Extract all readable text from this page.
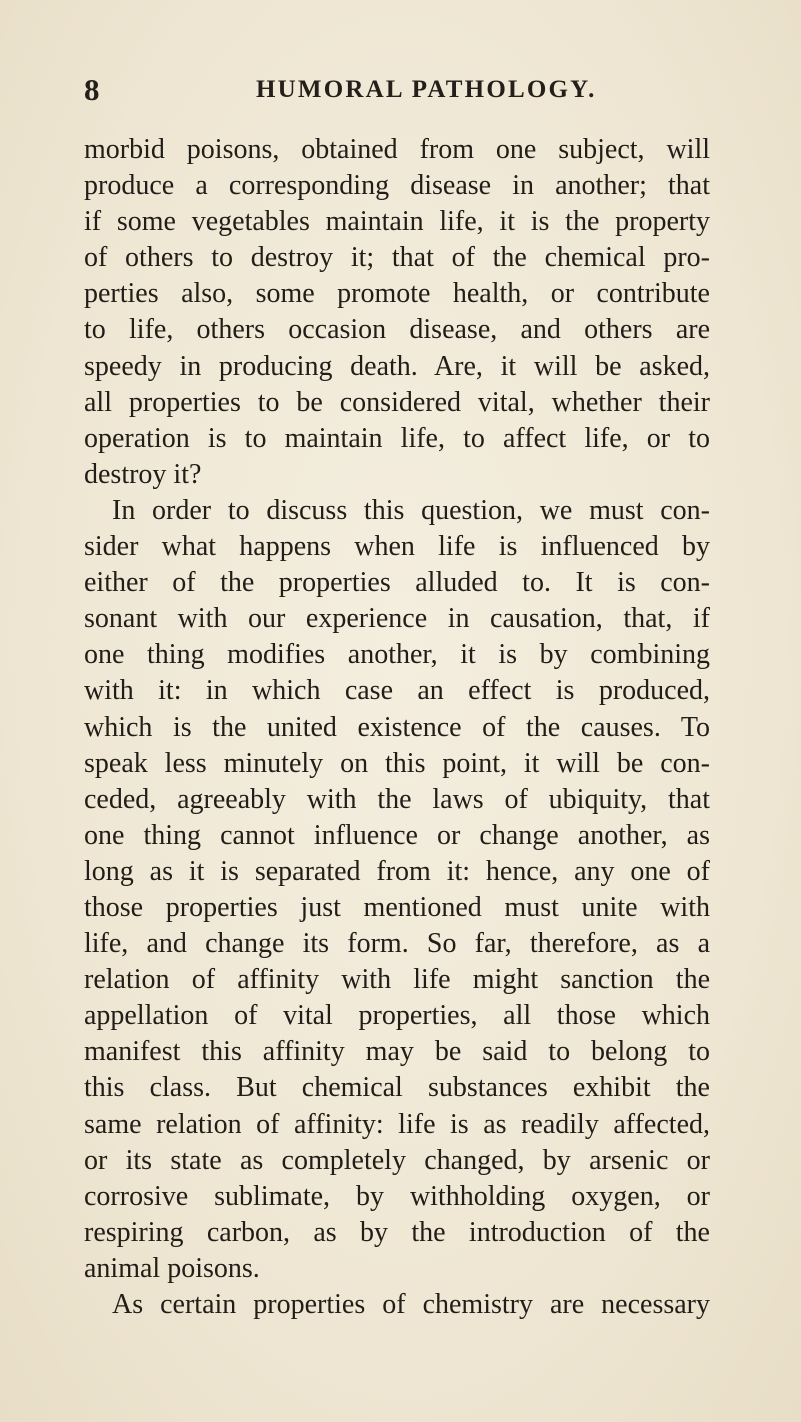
8	HUMORAL PATHOLOGY.
morbid poisons, obtained from one subject, will
produce a corresponding disease in another; that
if some vegetables maintain life, it is the property
of others to destroy it; that of the chemical pro-
perties also, some promote health, or contribute
to life, others occasion disease, and others are
speedy in producing death. Are, it will be asked,
all properties to be considered vital, whether their
operation is to maintain life, to affect life, or to
destroy it?
In order to discuss this question, we must con-
sider what happens when life is influenced by
either of the properties alluded to. It is con-
sonant with our experience in causation, that, if
one thing modifies another, it is by combining
with it: in which case an effect is produced,
which is the united existence of the causes. To
speak less minutely on this point, it will be con-
ceded, agreeably with the laws of ubiquity, that
one thing cannot influence or change another, as
long as it is separated from it: hence, any one of
those properties just mentioned must unite with
life, and change its form. So far, therefore, as a
relation of affinity with life might sanction the
appellation of vital properties, all those which
manifest this affinity may be said to belong to
this class. But chemical substances exhibit the
same relation of affinity: life is as readily affected,
or its state as completely changed, by arsenic or
corrosive sublimate, by withholding oxygen, or
respiring carbon, as by the introduction of the
animal poisons.
As certain properties of chemistry are necessary
